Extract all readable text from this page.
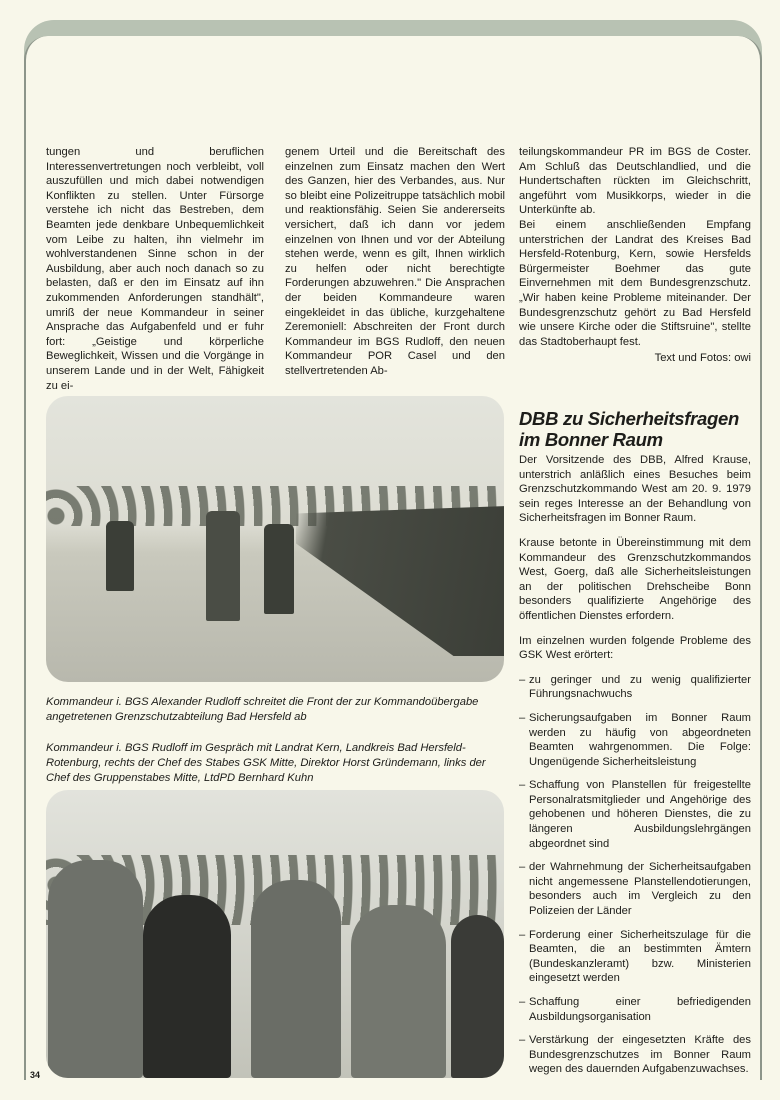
tungen und beruflichen Interessenvertretungen noch verbleibt, voll auszufüllen und mich dabei notwendigen Konflikten zu stellen. Unter Fürsorge verstehe ich nicht das Bestreben, dem Beamten jede denkbare Unbequemlichkeit vom Leibe zu halten, ihn vielmehr im wohlverstandenen Sinne schon in der Ausbildung, aber auch noch danach so zu belasten, daß er den im Einsatz auf ihn zukommenden Anforderungen standhält", umriß der neue Kommandeur in seiner Ansprache das Aufgabenfeld und er fuhr fort: „Geistige und körperliche Beweglichkeit, Wissen und die Vorgänge in unserem Lande und in der Welt, Fähigkeit zu ei-

genem Urteil und die Bereitschaft des einzelnen zum Einsatz machen den Wert des Ganzen, hier des Verbandes, aus. Nur so bleibt eine Polizeitruppe tatsächlich mobil und reaktionsfähig. Seien Sie andererseits versichert, daß ich dann vor jedem einzelnen von Ihnen und vor der Abteilung stehen werde, wenn es gilt, Ihnen wirklich zu helfen oder nicht berechtigte Forderungen abzuwehren." Die Ansprachen der beiden Kommandeure waren eingekleidet in das übliche, kurzgehaltene Zeremoniell: Abschreiten der Front durch Kommandeur im BGS Rudloff, den neuen Kommandeur POR Casel und den stellvertretenden Ab-

teilungskommandeur PR im BGS de Coster. Am Schluß das Deutschlandlied, und die Hundertschaften rückten im Gleichschritt, angeführt vom Musikkorps, wieder in die Unterkünfte ab.

Bei einem anschließenden Empfang unterstrichen der Landrat des Kreises Bad Hersfeld-Rotenburg, Kern, sowie Hersfelds Bürgermeister Boehmer das gute Einvernehmen mit dem Bundesgrenzschutz. „Wir haben keine Probleme miteinander. Der Bundesgrenzschutz gehört zu Bad Hersfeld wie unsere Kirche oder die Stiftsruine", stellte das Stadtoberhaupt fest.

Text und Fotos: owi

Kommandeur i. BGS Alexander Rudloff schreitet die Front der zur Kommandoübergabe angetretenen Grenzschutzabteilung Bad Hersfeld ab
Kommandeur i. BGS Rudloff im Gespräch mit Landrat Kern, Landkreis Bad Hersfeld-Rotenburg, rechts der Chef des Stabes GSK Mitte, Direktor Horst Gründemann, links der Chef des Gruppenstabes Mitte, LtdPD Bernhard Kuhn
DBB zu Sicherheitsfragen im Bonner Raum

Der Vorsitzende des DBB, Alfred Krause, unterstrich anläßlich eines Besuches beim Grenzschutzkommando West am 20. 9. 1979 sein reges Interesse an der Behandlung von Sicherheitsfragen im Bonner Raum.

Krause betonte in Übereinstimmung mit dem Kommandeur des Grenzschutzkommandos West, Goerg, daß alle Sicherheitsleistungen an der politischen Drehscheibe Bonn besonders qualifizierte Angehörige des öffentlichen Dienstes erfordern.

Im einzelnen wurden folgende Probleme des GSK West erörtert:

– zu geringer und zu wenig qualifizierter Führungsnachwuchs
– Sicherungsaufgaben im Bonner Raum werden zu häufig von abgeordneten Beamten wahrgenommen. Die Folge: Ungenügende Sicherheitsleistung
– Schaffung von Planstellen für freigestellte Personalratsmitglieder und Angehörige des gehobenen und höheren Dienstes, die zu längeren Ausbildungslehrgängen abgeordnet sind
– der Wahrnehmung der Sicherheitsaufgaben nicht angemessene Planstellendotierungen, besonders auch im Vergleich zu den Polizeien der Länder
– Forderung einer Sicherheitszulage für die Beamten, die an bestimmten Ämtern (Bundeskanzleramt) bzw. Ministerien eingesetzt werden
– Schaffung einer befriedigenden Ausbildungsorganisation
– Verstärkung der eingesetzten Kräfte des Bundesgrenzschutzes im Bonner Raum wegen des dauernden Aufgabenzuwachses.
34
